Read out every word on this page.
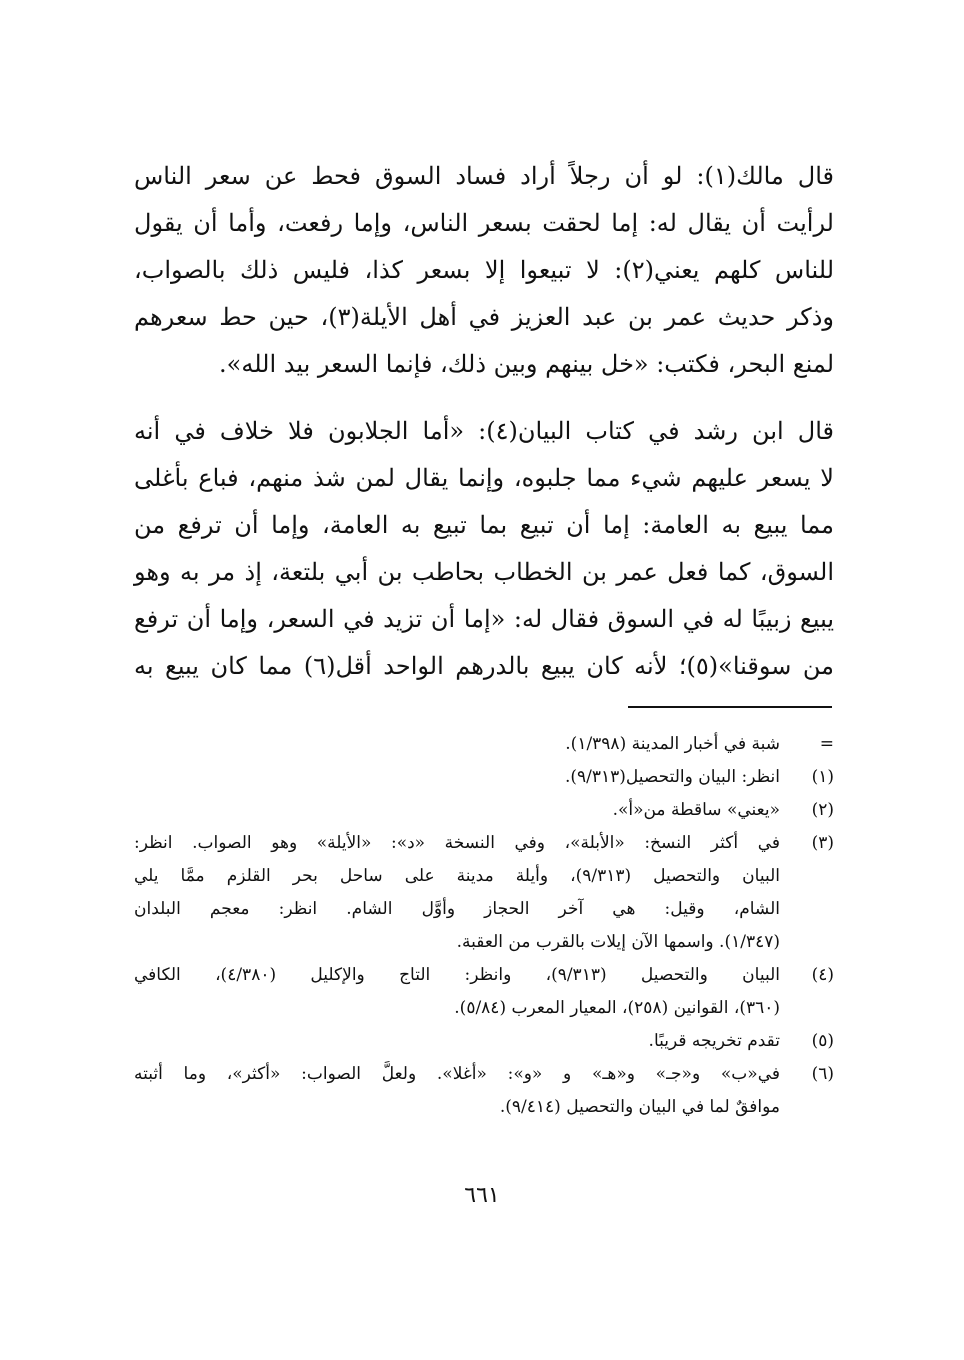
قال مالك(١): لو أن رجلاً أراد فساد السوق فحط عن سعر الناس
لرأيت أن يقال له: إما لحقت بسعر الناس، وإما رفعت، وأما أن يقول
للناس كلهم يعني(٢): لا تبيعوا إلا بسعر كذا، فليس ذلك بالصواب،
وذكر حديث عمر بن عبد العزيز في أهل الأيلة(٣)، حين حط سعرهم
لمنع البحر، فكتب: «خل بينهم وبين ذلك، فإنما السعر بيد الله».
قال ابن رشد في كتاب البيان(٤): «أما الجلابون فلا خلاف في أنه
لا يسعر عليهم شيء مما جلبوه، وإنما يقال لمن شذ منهم، فباع بأغلى
مما يبيع به العامة: إما أن تبيع بما تبيع به العامة، وإما أن ترفع من
السوق، كما فعل عمر بن الخطاب بحاطب بن أبي بلتعة، إذ مر به وهو
يبيع زبيبًا له في السوق فقال له: «إما أن تزيد في السعر، وإما أن ترفع
من سوقنا»(٥)؛ لأنه كان يبيع بالدرهم الواحد أقل(٦) مما كان يبيع به
=
شبة في أخبار المدينة (١/٣٩٨).
(١)
انظر: البيان والتحصيل(٩/٣١٣).
(٢)
«يعني» ساقطة من«أ».
(٣)
في أكثر النسخ: «الأبلة»، وفي النسخة «د»: «الأيلة» وهو الصواب. انظر:
البيان والتحصيل (٩/٣١٣)، وأيلة مدينة على ساحل بحر القلزم ممَّا يلي
الشام، وقيل: هي آخر الحجاز وأوَّل الشام. انظر: معجم البلدان
(١/٣٤٧). واسمها الآن إيلات بالقرب من العقبة.
(٤)
البيان والتحصيل (٩/٣١٣)، وانظر: التاج والإكليل (٤/٣٨٠)، الكافي
(٣٦٠)، القوانين (٢٥٨)، المعيار المعرب (٥/٨٤).
(٥)
تقدم تخريجه قريبًا.
(٦)
في«ب» و«جـ» و«هـ» و «و»: «أغلا». ولعلَّ الصواب: «أكثر»، وما أثبته
موافقٌ لما في البيان والتحصيل (٩/٤١٤).
٦٦١
